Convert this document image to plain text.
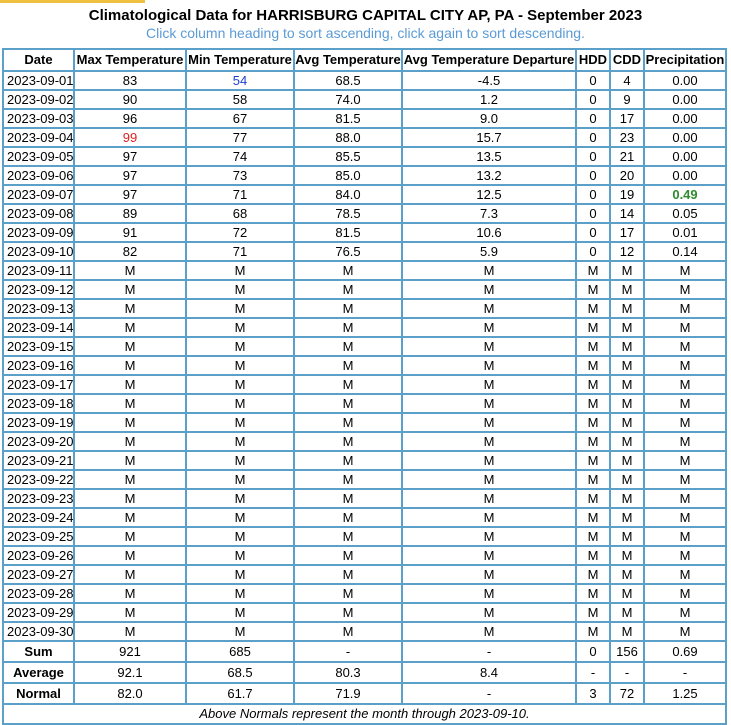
Climatological Data for HARRISBURG CAPITAL CITY AP, PA - September 2023
Click column heading to sort ascending, click again to sort descending.
Date	Max Temperature	Min Temperature	Avg Temperature	Avg Temperature Departure	HDD	CDD	Precipitation
2023-09-01	83	54	68.5	-4.5	0	4	0.00
2023-09-02	90	58	74.0	1.2	0	9	0.00
2023-09-03	96	67	81.5	9.0	0	17	0.00
2023-09-04	99	77	88.0	15.7	0	23	0.00
2023-09-05	97	74	85.5	13.5	0	21	0.00
2023-09-06	97	73	85.0	13.2	0	20	0.00
2023-09-07	97	71	84.0	12.5	0	19	0.49
2023-09-08	89	68	78.5	7.3	0	14	0.05
2023-09-09	91	72	81.5	10.6	0	17	0.01
2023-09-10	82	71	76.5	5.9	0	12	0.14
2023-09-11	M	M	M	M	M	M	M
2023-09-12	M	M	M	M	M	M	M
2023-09-13	M	M	M	M	M	M	M
2023-09-14	M	M	M	M	M	M	M
2023-09-15	M	M	M	M	M	M	M
2023-09-16	M	M	M	M	M	M	M
2023-09-17	M	M	M	M	M	M	M
2023-09-18	M	M	M	M	M	M	M
2023-09-19	M	M	M	M	M	M	M
2023-09-20	M	M	M	M	M	M	M
2023-09-21	M	M	M	M	M	M	M
2023-09-22	M	M	M	M	M	M	M
2023-09-23	M	M	M	M	M	M	M
2023-09-24	M	M	M	M	M	M	M
2023-09-25	M	M	M	M	M	M	M
2023-09-26	M	M	M	M	M	M	M
2023-09-27	M	M	M	M	M	M	M
2023-09-28	M	M	M	M	M	M	M
2023-09-29	M	M	M	M	M	M	M
2023-09-30	M	M	M	M	M	M	M
Sum	921	685	-	-	0	156	0.69
Average	92.1	68.5	80.3	8.4	-	-	-
Normal	82.0	61.7	71.9	-	3	72	1.25
Above Normals represent the month through 2023-09-10.							
